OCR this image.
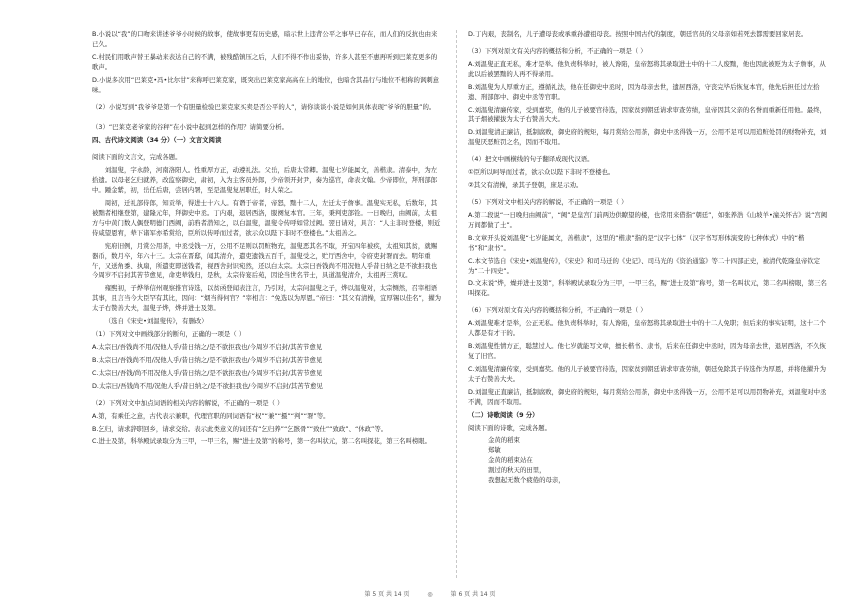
B.小说以“我”的口吻来讲述爷爷小时候的故事，使故事更有历史感，暗示世上违背公平之事早已存在，而人们的反抗也由来已久。

C.村民们用歌声替王暴动来表达自己的不满，被残酷镇压之后，人们不得不作出妥协，许多人甚至不惠再听到巴莱克更多的歌声。

D.小说多次用“巴莱克•冯•比尔甘”来称呼巴莱克家，既突出巴莱克家高高在上的地位，也暗含其品行与地位不相称的讽刺意味。

（2）小说写到“我爷爷是第一个有胆量检验巴莱克家买卖是否公平的人”，请你谈谈小说是如何具体表现“爷爷的胆量”的。

（3）“巴莱克老爷家的谷秤”在小说中起到怎样的作用？请简要分析。

四、古代诗文阅读（34 分）（一）文言文阅读

阅读下面的文言文，完成各题。

刘温叟，字永龄，河南洛阳人。性重厚方正，动遵礼法。父岳，后唐太常卿。温叟七岁能属文，善楷隶。清泰中，为左拾遗。以母老乞归就养，改监察御史，肃初，入为主客员外郎，少帝领开封尹，奏为巡官，命表文翰。少帝即位，拜刑部郎中。踵金紫，初，岳任后唐，尝居内署，至是温叟复居职任，时人荣之。

周初，迁礼部侍郎，知贡举，得进士十六人。有谮于帝者，帝怒，黜十二人，左迁太子詹事。温叟实无私，后数年，其被黜者相继登第，建隆元年，拜御史中丞。丁内艰，退居西洛，服阕复本官。三年，秉判吏部铨。一日晚归，由阙前，太祖方与中黄门数人偶登明德门西阙，前驺者潜知之，以白温叟，温叟令传呼如常过阙。翌日请对，具言：“人主非时登楼，则近侍咸望恩宥，辇下诸军亦希赏给，臣所以传呼而过者，欲示众以陛下非时不登楼也。”太祖善之。

宪府旧例，月赏公用茶，中丞受钱一万，公用不足则以罚赃物充，温叟恶其名不取，开宝四年被疾，太祖知其贫，就赐器币，数月卒，年六十三。太宗在晋邸，闻其清介，遣吏遗钱五百千，温叟受之，贮厅西舍中，令府吏封署而去。明年重午，又送角黍、执扇，所遣吏即送钱者，视西舍封识宛然，还以白太宗。太宗曰吾钱尚不用况他人乎昔日纳之是不欲拒我也今周岁不启封其苦节愈见，命吏辇钱归，是秋，太宗侍宴后苑，因论当世名节士，具道温叟清介，太祖再三赏叹。

雍熙初，子烨举信州观察推官诗选，以贫函登闻表注言，乃引对，太宗问温叟之子，烨以温叟对，太宗恻然，召宰相语其事，且言当今大臣罕有其比，因问：“烟当得何官？”宰相言：“免选以为厚恩。”帝曰：“其父有清操，宜厚锡以佳名”，擢为太子右赞善大夫，温叟子烨，烨并进士及第。

（选自《宋史•刘温叟传》，有删改）

（1）下列对文中画线部分的断句，正确的一项是（ ）

A.太宗曰/吾钱尚不用/况他人乎/昔日纳之/是不欲拒我也/今周岁不启封/其苦节愈见

B.太宗曰/吾钱尚不用/况他人乎/昔日纳之/是不欲拒我也/今周岁不启封/其苦节愈见

C.太宗曰/吾钱/尚不用况他人乎/昔日纳之/是不欲拒我也/今周岁不启封/其苦节愈见

D.太宗曰/吾钱尚不用/况他人乎/昔日纳之/是不欲拒我也/今周岁不启封/其苦节愈见

（2）下列对文中加点词语的相关内容的解说，不正确的一项是（ ）

A.第，有乘任之意，古代表示兼职，代理官职的同词语有“权”“兼”“摄”“判”“署”等。

B.乞归，请求辞职回乡，请求交给。表示此类意义的词还有“乞归养”“乞骸骨”“致仕”“致政”、“休政”等。

C.进士及第，科举殿试录取分为三甲，一甲三名，赐“进士及第”的称号，第一名叫状元，第二名叫探花，第三名叫榜眼。

D.丁内艰，丧制名，儿子遭母丧或承重孙遭祖母丧。按照中国古代的制度，朝廷官员的父母亲如若死去都需要回家居丧。

（3）下列对原文有关内容的概括和分析，不正确的一项是（ ）

A.刘温叟正直无私，难才是举。他负责科举时，被人谗陷，皇帝怒将其录取进士中的十二人废黜，他也因此被贬为太子詹事，从此以后被罢黜的人再不得录用。

B.刘温叟为人厚重方正，遵循礼法，他在任御史中丞时，因为母亲去世，遗居西洛，守丧完毕后恢复本官，他先后担任过左拾遗、刑部郎中、御史中丞等官职。

C.刘温叟清廉传家，受到嘉奖，他的儿子被要官待选，因家贫到朝廷请求审查劳绩，皇帝因其父亲的名誉而重新任用他。最终，其子烟被擢拔为太子右赞善大夫。

D.刘温叟清正廉洁，抵制腐败，御史府的规矩，每月赏给公用茶，御史中丞得钱一万，公用不足可以用追赃处罚的财物补充，刘温叟厌恶赃罚之名，因而不取用。

（4）把文中画横线的句子翻译成现代汉语。

①臣所以呵导而过者，欲示众以陛下非时不登楼也。

②其父有清操，录其子登朝，庶足示劝。

（5）下列对文中相关内容的解说，不正确的一项是（ ）

A.第二段说“一日晚归由阙前”，“阙”是皇宫门前两边供瞭望的楼，也常用来借指“朝廷”，如张养浩《山坡羊•潼关怀古》说“宫阙万间都做了土”。

B.文章开头说刘温叟“七岁能属文，善楷隶”，这里的“楷隶”指的是“汉字七体”（汉字书写形体演变的七种体式）中的“楷书”和“隶书”。

C.本文节选自《宋史•刘温叟传》，《宋史》和司马迁的《史记》、司马光的《资治通鉴》等二十四部正史，被清代乾隆皇帝钦定为“二十四史”。

D.文末说“烨，燥并进士及第”，科举殿试录取分为三甲，一甲三名，赐“进士及第”称号，第一名叫状元，第二名叫榜眼，第三名叫探花。

（6）下列对原文有关内容的概括和分析，不正确的一项是（ ）

A.刘温叟难才是举，公正无私。他负责科举时，有人谗陷，皇帝怒将其录取进士中的十二人免职；但后来的事实证明，这十二个人都是有才干的。

B.刘温叟性情方正，聪慧过人。他七岁就能写文章，擅长楷书、隶书，后来在任御史中丞时，因为母亲去世，退居西洛，不久恢复了旧官。

C.刘温叟清廉传家，受到嘉奖。他的儿子被要官待选，因家贫到朝廷请求审查劳绩，朝廷免除其子待选作为厚恩，并将他擢升为太子右赞善大夫。

D.刘温叟正直廉洁，抵制腐败，御史府的规矩，每月赏给公用茶，御史中丞得钱一万，公用不足可以用罚物补充，刘温叟对中丞不满，因而不取用。

（二）诗歌阅读（9 分）

阅读下面的诗歌，完成各题。

金黄的稻束

郑敏

金黄的稻束站在

割过的秋天的田里，

我想起无数个疲倦的母亲，

第 5 页 共 14 页	◎	第 6 页 共 14 页
